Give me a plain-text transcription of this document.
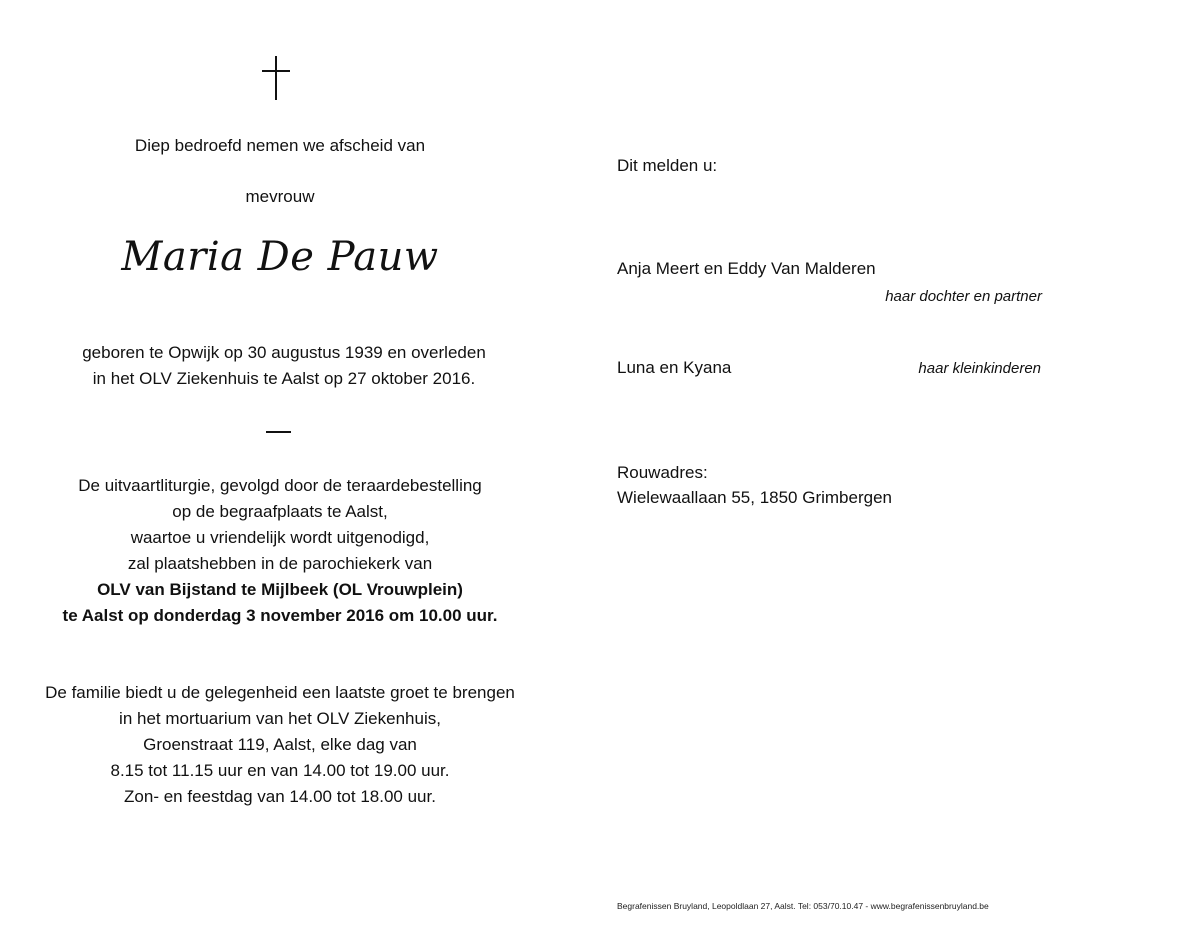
Diep bedroefd nemen we afscheid van
mevrouw
Maria De Pauw
geboren te Opwijk op 30 augustus 1939 en overleden
in het OLV Ziekenhuis te Aalst op 27 oktober 2016.
De uitvaartliturgie, gevolgd door de teraardebestelling
op de begraafplaats te Aalst,
waartoe u vriendelijk wordt uitgenodigd,
zal plaatshebben in de parochiekerk van
OLV van Bijstand te Mijlbeek (OL Vrouwplein)
te Aalst op donderdag 3 november 2016 om 10.00 uur.
De familie biedt u de gelegenheid een laatste groet te brengen
in het mortuarium van het OLV Ziekenhuis,
Groenstraat 119, Aalst, elke dag van
8.15 tot 11.15 uur en van 14.00 tot 19.00 uur.
Zon- en feestdag van 14.00 tot 18.00 uur.
Dit melden u:
Anja Meert en Eddy Van Malderen
haar dochter en partner
Luna en Kyana	haar kleinkinderen
Rouwadres:
Wielewaallaan 55, 1850 Grimbergen
Begrafenissen Bruyland, Leopoldlaan 27, Aalst. Tel: 053/70.10.47 - www.begrafenissenbruyland.be
